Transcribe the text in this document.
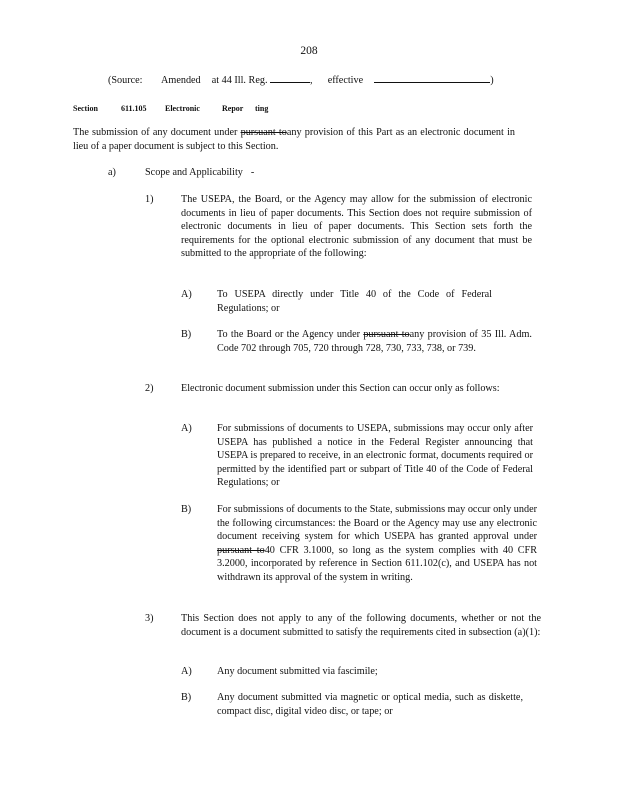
208
(Source: Amended at 44 Ill. Reg.	,  effective	)
Section	611.105 Electronic	Repor ting

The submission of any document under pursuant toany provision of this Part as an electronic document in lieu of a paper document is subject to this Section.

a)	Scope and Applicability -
1)	The USEPA, the Board, or the Agency may allow for the submission of electronic documents in lieu of paper documents. This Section does not require submission of electronic documents in lieu of paper documents. This Section sets forth the requirements for the optional electronic submission of any document that must be submitted to the appropriate of the following:

A) To USEPA directly under Title 40 of the Code of Federal Regulations; or

B)	To the Board or the Agency under pursuant toany provision of 35 Ill. Adm. Code 702 through 705, 720 through 728, 730, 733, 738, or 739.

2)	Electronic document submission under this Section can occur only as follows:

A) For submissions of documents to USEPA, submissions may occur only after USEPA has published a notice in the Federal Register announcing that USEPA is prepared to receive, in an electronic format, documents required or permitted by the identified part or subpart of Title 40 of the Code of Federal Regulations; or

B)	For submissions of documents to the State, submissions may occur only under the following circumstances: the Board or the Agency may use any electronic document receiving system for which USEPA has granted approval under pursuant to40 CFR 3.1000, so long as the system complies with 40 CFR 3.2000, incorporated by reference in Section 611.102(c), and USEPA has not withdrawn its approval of the system in writing.

3)	This Section does not apply to any of the following documents, whether or not the document is a document submitted to satisfy the requirements cited in subsection (a)(1):

A) Any document submitted via fascimile;

B)	Any document submitted via magnetic or optical media, such as diskette, compact disc, digital video disc, or tape; or
